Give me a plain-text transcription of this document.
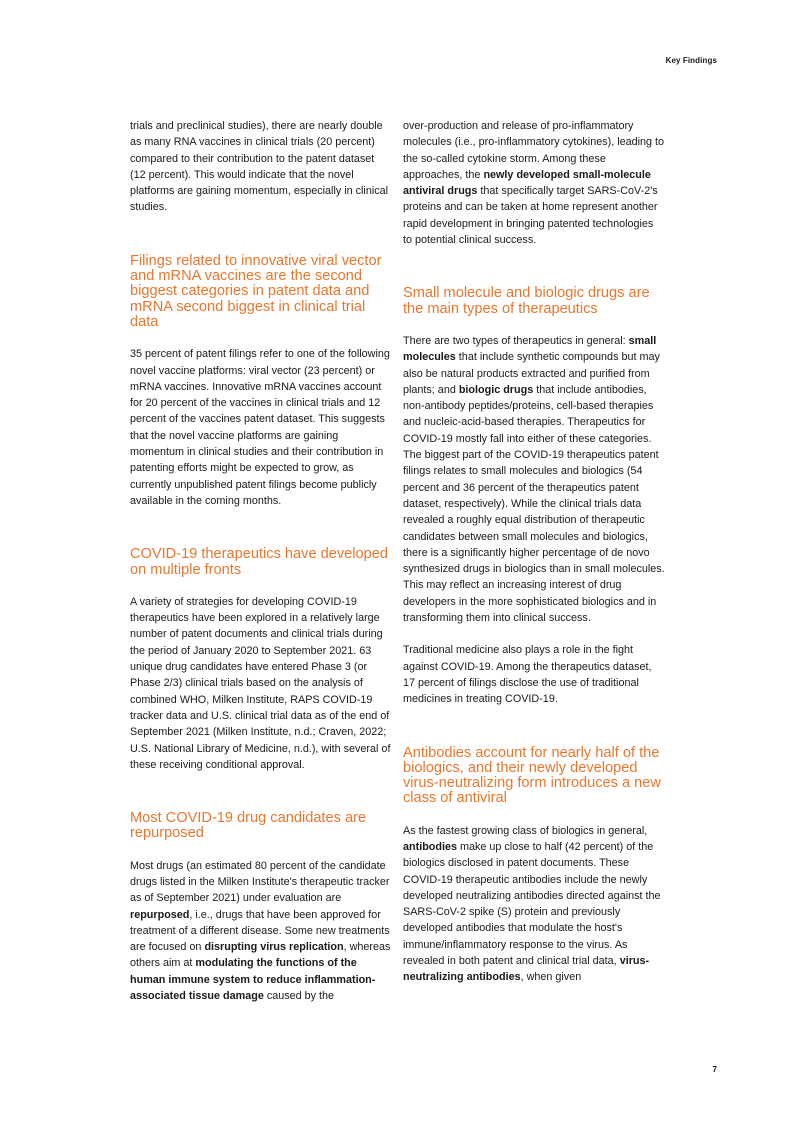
Key Findings

trials and preclinical studies), there are nearly double as many RNA vaccines in clinical trials (20 percent) compared to their contribution to the patent dataset (12 percent). This would indicate that the novel platforms are gaining momentum, especially in clinical studies.

Filings related to innovative viral vector and mRNA vaccines are the second biggest categories in patent data and mRNA second biggest in clinical trial data

35 percent of patent filings refer to one of the following novel vaccine platforms: viral vector (23 percent) or mRNA vaccines. Innovative mRNA vaccines account for 20 percent of the vaccines in clinical trials and 12 percent of the vaccines patent dataset. This suggests that the novel vaccine platforms are gaining momentum in clinical studies and their contribution in patenting efforts might be expected to grow, as currently unpublished patent filings become publicly available in the coming months.

COVID-19 therapeutics have developed on multiple fronts

A variety of strategies for developing COVID-19 therapeutics have been explored in a relatively large number of patent documents and clinical trials during the period of January 2020 to September 2021. 63 unique drug candidates have entered Phase 3 (or Phase 2/3) clinical trials based on the analysis of combined WHO, Milken Institute, RAPS COVID-19 tracker data and U.S. clinical trial data as of the end of September 2021 (Milken Institute, n.d.; Craven, 2022; U.S. National Library of Medicine, n.d.), with several of these receiving conditional approval.

Most COVID-19 drug candidates are repurposed

Most drugs (an estimated 80 percent of the candidate drugs listed in the Milken Institute's therapeutic tracker as of September 2021) under evaluation are repurposed, i.e., drugs that have been approved for treatment of a different disease. Some new treatments are focused on disrupting virus replication, whereas others aim at modulating the functions of the human immune system to reduce inflammation-associated tissue damage caused by the

over-production and release of pro-inflammatory molecules (i.e., pro-inflammatory cytokines), leading to the so-called cytokine storm. Among these approaches, the newly developed small-molecule antiviral drugs that specifically target SARS-CoV-2's proteins and can be taken at home represent another rapid development in bringing patented technologies to potential clinical success.

Small molecule and biologic drugs are the main types of therapeutics

There are two types of therapeutics in general: small molecules that include synthetic compounds but may also be natural products extracted and purified from plants; and biologic drugs that include antibodies, non-antibody peptides/proteins, cell-based therapies and nucleic-acid-based therapies. Therapeutics for COVID-19 mostly fall into either of these categories. The biggest part of the COVID-19 therapeutics patent filings relates to small molecules and biologics (54 percent and 36 percent of the therapeutics patent dataset, respectively). While the clinical trials data revealed a roughly equal distribution of therapeutic candidates between small molecules and biologics, there is a significantly higher percentage of de novo synthesized drugs in biologics than in small molecules. This may reflect an increasing interest of drug developers in the more sophisticated biologics and in transforming them into clinical success.

Traditional medicine also plays a role in the fight against COVID-19. Among the therapeutics dataset, 17 percent of filings disclose the use of traditional medicines in treating COVID-19.

Antibodies account for nearly half of the biologics, and their newly developed virus-neutralizing form introduces a new class of antiviral

As the fastest growing class of biologics in general, antibodies make up close to half (42 percent) of the biologics disclosed in patent documents. These COVID-19 therapeutic antibodies include the newly developed neutralizing antibodies directed against the SARS-CoV-2 spike (S) protein and previously developed antibodies that modulate the host's immune/inflammatory response to the virus. As revealed in both patent and clinical trial data, virus-neutralizing antibodies, when given

7
